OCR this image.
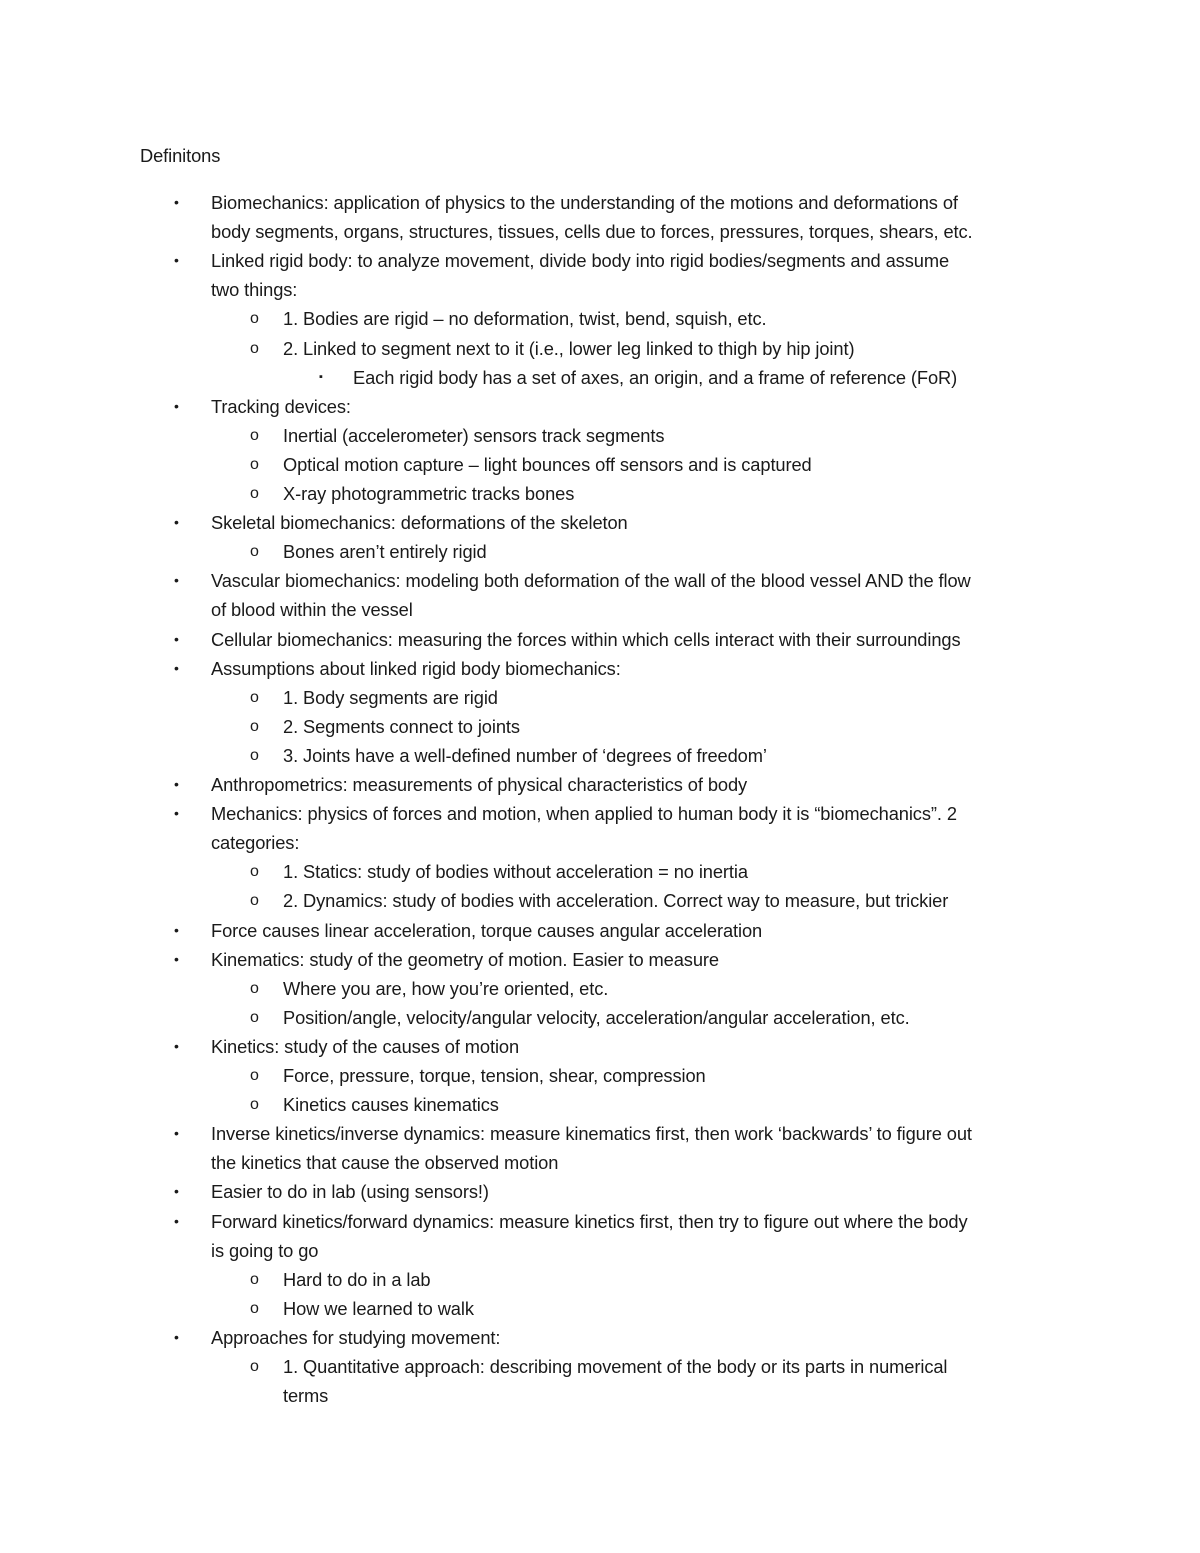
Definitons
• Biomechanics: application of physics to the understanding of the motions and deformations of
body segments, organs, structures, tissues, cells due to forces, pressures, torques, shears, etc.
• Linked rigid body: to analyze movement, divide body into rigid bodies/segments and assume
two things:
o 1. Bodies are rigid – no deformation, twist, bend, squish, etc.
o 2. Linked to segment next to it (i.e., lower leg linked to thigh by hip joint)
▪ Each rigid body has a set of axes, an origin, and a frame of reference (FoR)
• Tracking devices:
o Inertial (accelerometer) sensors track segments
o Optical motion capture – light bounces off sensors and is captured
o X-ray photogrammetric tracks bones
• Skeletal biomechanics: deformations of the skeleton
o Bones aren’t entirely rigid
• Vascular biomechanics: modeling both deformation of the wall of the blood vessel AND the flow
of blood within the vessel
• Cellular biomechanics: measuring the forces within which cells interact with their surroundings
• Assumptions about linked rigid body biomechanics:
o 1. Body segments are rigid
o 2. Segments connect to joints
o 3. Joints have a well-defined number of ‘degrees of freedom’
• Anthropometrics: measurements of physical characteristics of body
• Mechanics: physics of forces and motion, when applied to human body it is “biomechanics”. 2
categories:
o 1. Statics: study of bodies without acceleration = no inertia
o 2. Dynamics: study of bodies with acceleration. Correct way to measure, but trickier
• Force causes linear acceleration, torque causes angular acceleration
• Kinematics: study of the geometry of motion. Easier to measure
o Where you are, how you’re oriented, etc.
o Position/angle, velocity/angular velocity, acceleration/angular acceleration, etc.
• Kinetics: study of the causes of motion
o Force, pressure, torque, tension, shear, compression
o Kinetics causes kinematics
• Inverse kinetics/inverse dynamics: measure kinematics first, then work ‘backwards’ to figure out
the kinetics that cause the observed motion
• Easier to do in lab (using sensors!)
• Forward kinetics/forward dynamics: measure kinetics first, then try to figure out where the body
is going to go
o Hard to do in a lab
o How we learned to walk
• Approaches for studying movement:
o 1. Quantitative approach: describing movement of the body or its parts in numerical
terms
